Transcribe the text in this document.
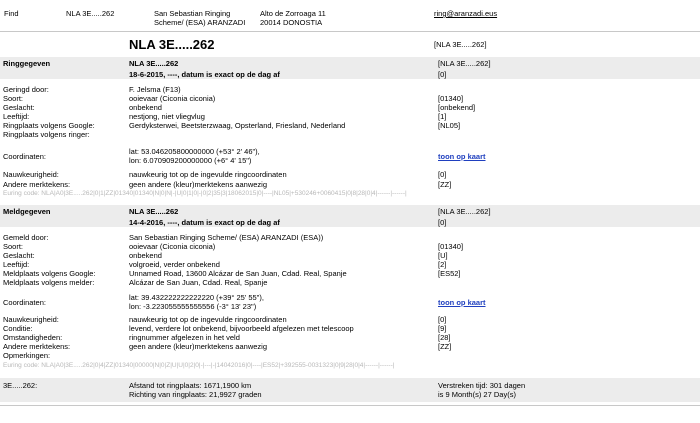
Find	NLA 3E.....262	San Sebastian Ringing
Scheme/ (ESA) ARANZADI
Alto de Zorroaga 11
20014 DONOSTIA
ring@aranzadi.eus
NLA 3E.....262	[NLA 3E.....262]
Ringgegeven	NLA 3E.....262	[NLA 3E.....262]
18-6-2015, ----, datum is exact op de dag af	[0]
Geringd door:	F. Jelsma (F13)
Soort:	ooievaar (Ciconia ciconia)	[01340]
Geslacht:	onbekend	[onbekend]
Leeftijd:	nestjong, niet vliegvlug	[1]
Ringplaats volgens Google:	Gerdyksterwei, Beetsterzwaag, Opsterland, Friesland, Nederland	[NL05]
Ringplaats volgens ringer:
Coordinaten:
lat: 53.046205800000000 (+53° 2' 46"),
lon: 6.070909200000000 (+6° 4' 15")	toon op kaart
Nauwkeurigheid:	nauwkeurig tot op de ingevulde ringcoordinaten	[0]
Andere merktekens:	geen andere (kleur)merktekens aanwezig	[ZZ]
Euring code: NLA|A0|3E.....262|0|1|ZZ|01340|01340|N|0|N|-|U|0|1|0|-|0|2|35|3|18062015|0|----|NL05|+530246+0060415|0|8|28|0|4|------|------|
Meldgegeven	NLA 3E.....262	[NLA 3E.....262]
14-4-2016, ----, datum is exact op de dag af	[0]
Gemeld door:	San Sebastian Ringing Scheme/ (ESA) ARANZADI (ESA))
Soort:	ooievaar (Ciconia ciconia)	[01340]
Geslacht:	onbekend	[U]
Leeftijd:	volgroeid, verder onbekend	[2]
Meldplaats volgens Google:	Unnamed Road, 13600 Alcázar de San Juan, Cdad. Real, Spanje	[ES52]
Meldplaats volgens melder:	Alcázar de San Juan, Cdad. Real, Spanje
Coordinaten:
lat: 39.432222222222220 (+39° 25' 55"),
lon: -3.223055555555556 (-3° 13' 23")	toon op kaart
Nauwkeurigheid:	nauwkeurig tot op de ingevulde ringcoordinaten	[0]
Conditie:	levend, verdere lot onbekend, bijvoorbeeld afgelezen met telescoop	[9]
Omstandigheden:	ringnummer afgelezen in het veld	[28]
Andere merktekens:	geen andere (kleur)merktekens aanwezig	[ZZ]
Opmerkingen:
Euring code: NLA|A0|3E.....262|0|4|ZZ|01340|00000|N|0|Z|U|U|0|2|0|-|---|-|14042016|0|----|ES52|+392555-0031323|0|9|28|0|4|------|------|
3E.....262:	Afstand tot ringplaats: 1671,1900 km
Richting van ringplaats: 21,9927 graden
Verstreken tijd: 301 dagen
is 9 Month(s) 27 Day(s)
